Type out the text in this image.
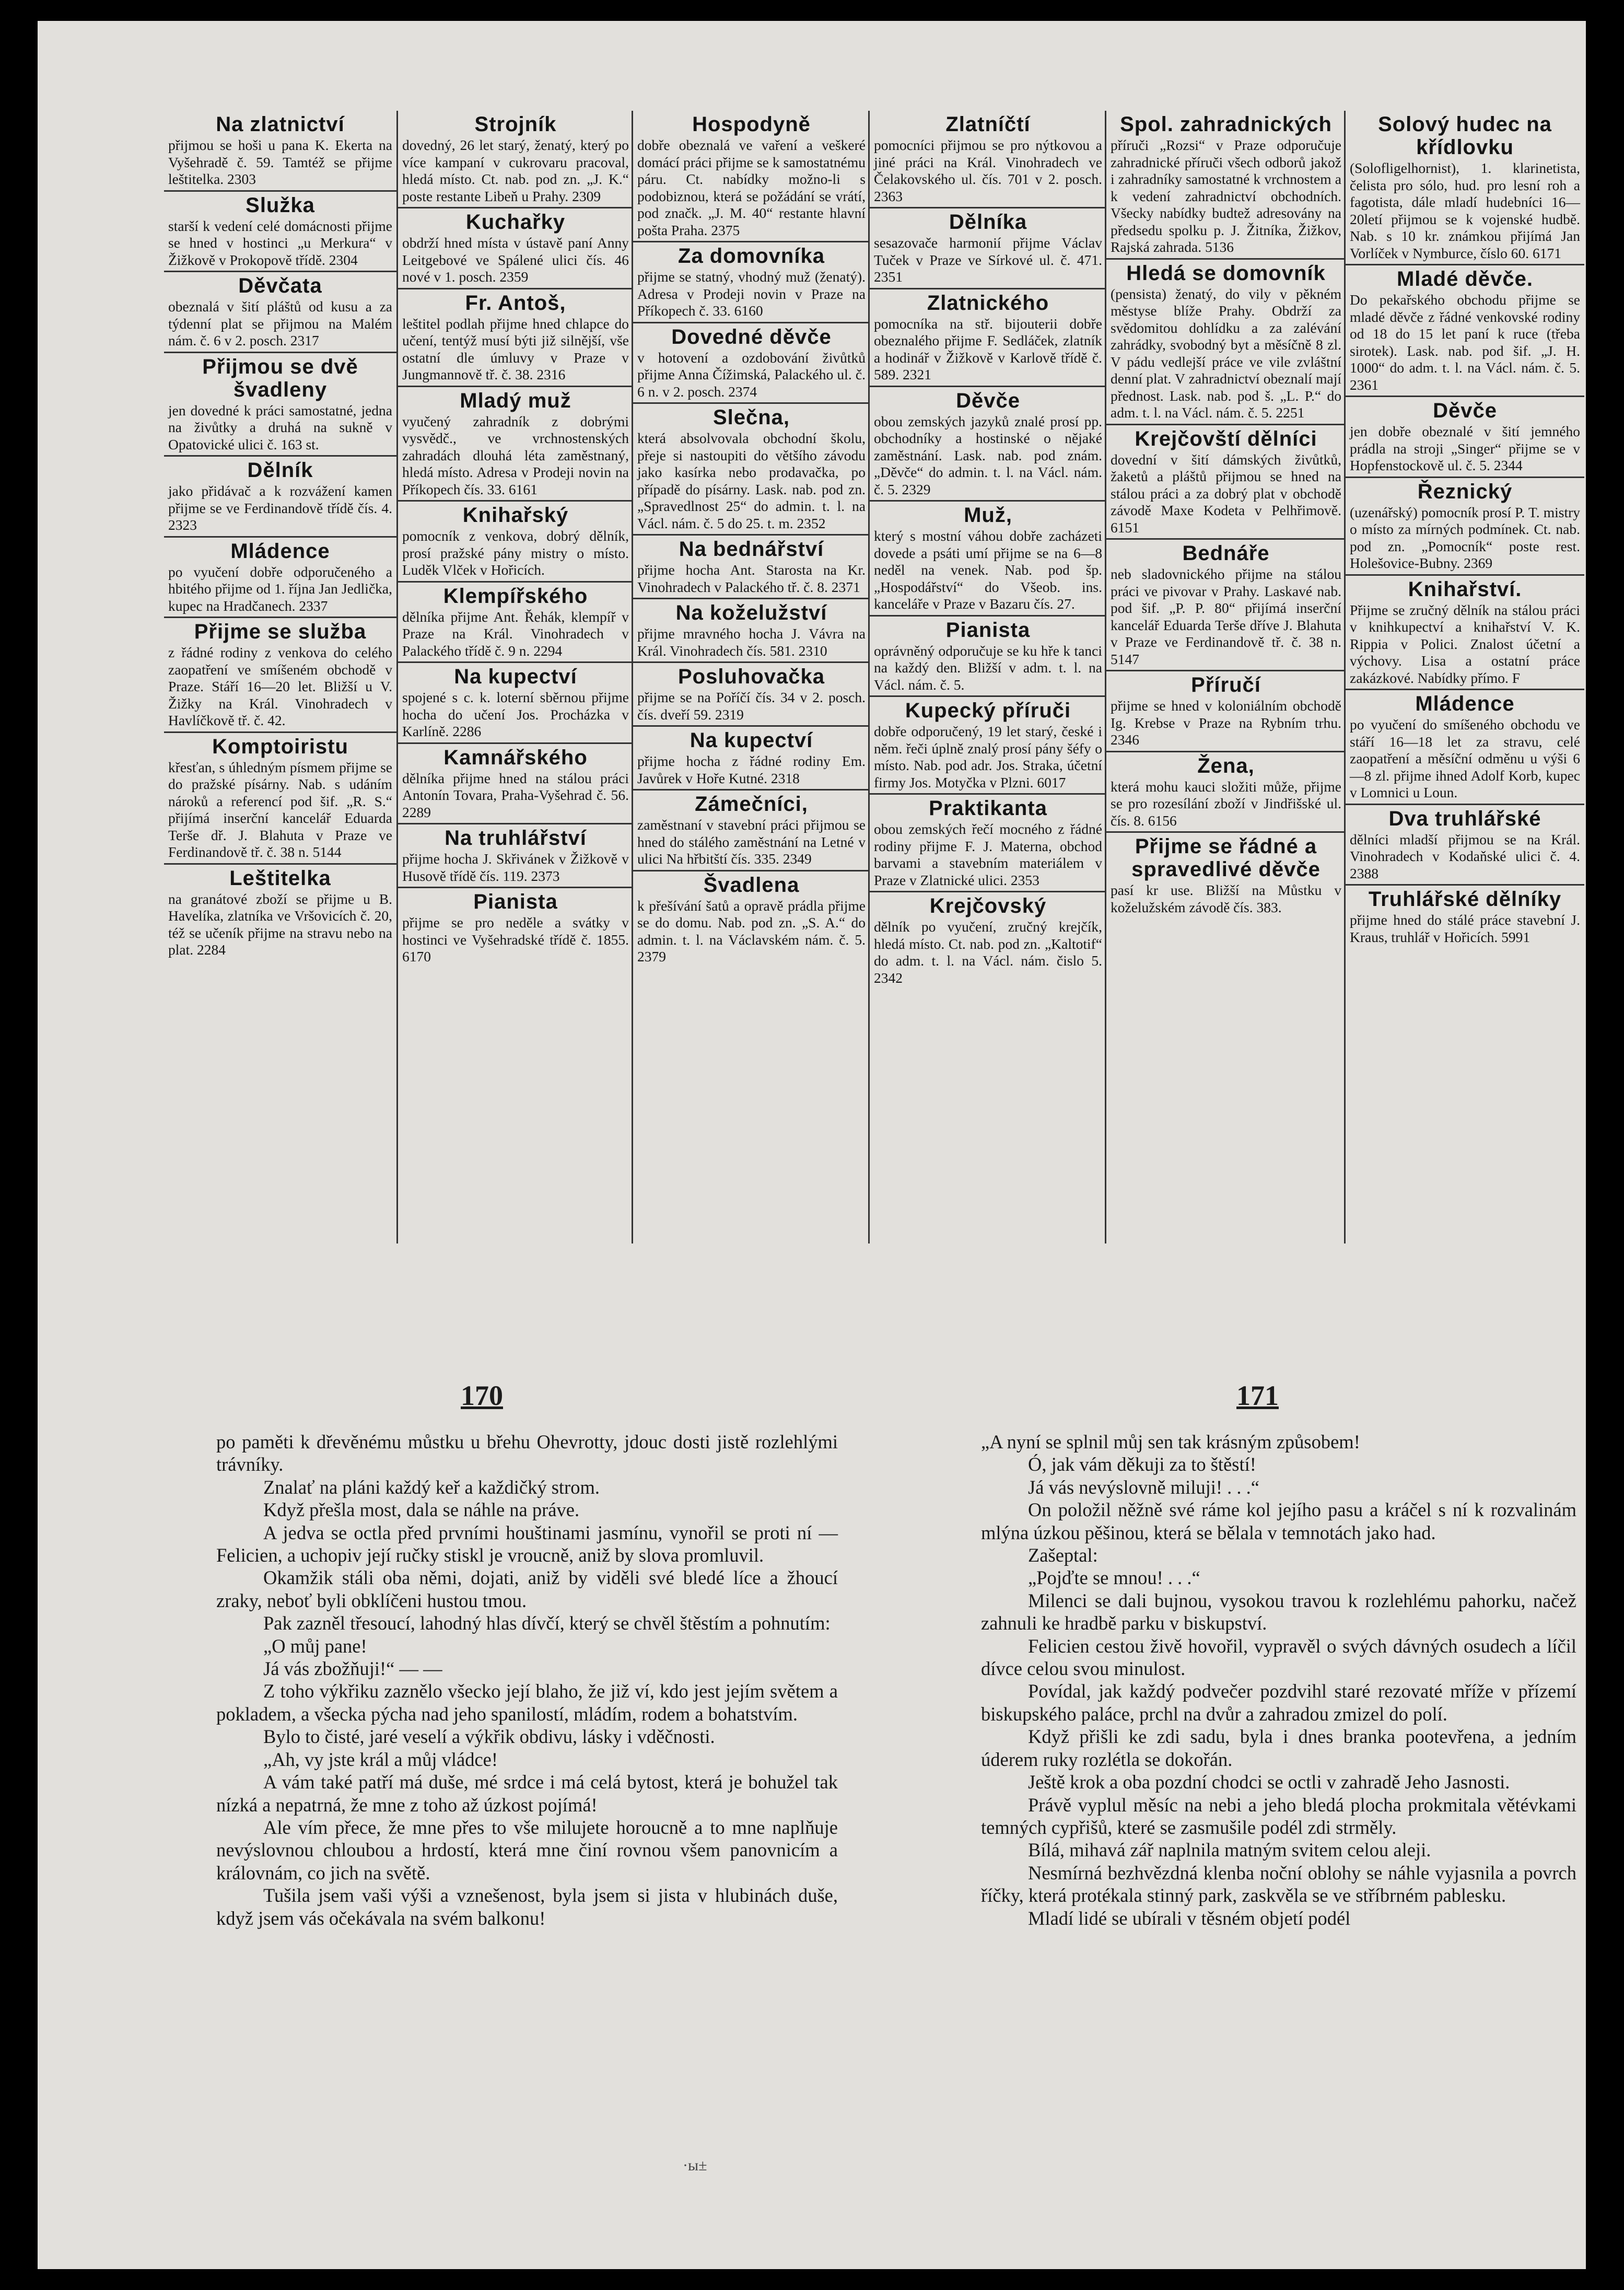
Na zlatnictví

přijmou se hoši u pana K. Ekerta na Vyšehradě č. 59. Tamtéž se přijme leštitelka. 2303

Služka

starší k vedení celé domácnosti přijme se hned v hostinci „u Merkura“ v Žižkově v Prokopově třídě. 2304

Děvčata

obeznalá v šití pláštů od kusu a za týdenní plat se přijmou na Malém nám. č. 6 v 2. posch. 2317

Přijmou se dvě švadleny

jen dovedné k práci samostatné, jedna na živůtky a druhá na sukně v Opatovické ulici č. 163 st.

Dělník

jako přidávač a k rozvážení kamen přijme se ve Ferdinandově třídě čís. 4. 2323

Mládence

po vyučení dobře odporučeného a hbitého přijme od 1. října Jan Jedlička, kupec na Hradčanech. 2337

Přijme se služba

z řádné rodiny z venkova do celého zaopatření ve smíšeném obchodě v Praze. Stáří 16—20 let. Bližší u V. Žižky na Král. Vinohradech v Havlíčkově tř. č. 42.

Komptoiristu

křesťan, s úhledným písmem přijme se do pražské písárny. Nab. s udáním nároků a referencí pod šif. „R. S.“ přijímá inserční kancelář Eduarda Terše dř. J. Blahuta v Praze ve Ferdinandově tř. č. 38 n. 5144

Leštitelka

na granátové zboží se přijme u B. Havelíka, zlatníka ve Vršovicích č. 20, též se učeník přijme na stravu nebo na plat. 2284

Strojník

dovedný, 26 let starý, ženatý, který po více kampaní v cukrovaru pracoval, hledá místo. Ct. nab. pod zn. „J. K.“ poste restante Libeň u Prahy. 2309

Kuchařky

obdrží hned místa v ústavě paní Anny Leitgebové ve Spálené ulici čís. 46 nové v 1. posch. 2359

Fr. Antoš,

leštitel podlah přijme hned chlapce do učení, tentýž musí býti již silnější, vše ostatní dle úmluvy v Praze v Jungmannově tř. č. 38. 2316

Mladý muž

vyučený zahradník z dobrými vysvědč., ve vrchnostenských zahradách dlouhá léta zaměstnaný, hledá místo. Adresa v Prodeji novin na Příkopech čís. 33. 6161

Knihařský

pomocník z venkova, dobrý dělník, prosí pražské pány mistry o místo. Luděk Vlček v Hořicích.

Klempířského

dělníka přijme Ant. Řehák, klempíř v Praze na Král. Vinohradech v Palackého třídě č. 9 n. 2294

Na kupectví

spojené s c. k. loterní sběrnou přijme hocha do učení Jos. Procházka v Karlíně. 2286

Kamnářského

dělníka přijme hned na stálou práci Antonín Tovara, Praha-Vyšehrad č. 56. 2289

Na truhlářství

přijme hocha J. Skřivánek v Žižkově v Husově třídě čís. 119. 2373

Pianista

přijme se pro neděle a svátky v hostinci ve Vyšehradské třídě č. 1855. 6170

Hospodyně

dobře obeznalá ve vaření a veškeré domácí práci přijme se k samostatnému páru. Ct. nabídky možno-li s podobiznou, která se požádání se vrátí, pod značk. „J. M. 40“ restante hlavní pošta Praha. 2375

Za domovníka

přijme se statný, vhodný muž (ženatý). Adresa v Prodeji novin v Praze na Příkopech č. 33. 6160

Dovedné děvče

v hotovení a ozdobování živůtků přijme Anna Čížimská, Palackého ul. č. 6 n. v 2. posch. 2374

Slečna,

která absolvovala obchodní školu, přeje si nastoupiti do většího závodu jako kasírka nebo prodavačka, po případě do písárny. Lask. nab. pod zn. „Spravedlnost 25“ do admin. t. l. na Václ. nám. č. 5 do 25. t. m. 2352

Na bednářství

přijme hocha Ant. Starosta na Kr. Vinohradech v Palackého tř. č. 8. 2371

Na koželužství

přijme mravného hocha J. Vávra na Král. Vinohradech čís. 581. 2310

Posluhovačka

přijme se na Poříčí čís. 34 v 2. posch. čís. dveří 59. 2319

Na kupectví

přijme hocha z řádné rodiny Em. Javůrek v Hoře Kutné. 2318

Zámečníci,

zaměstnaní v stavební práci přijmou se hned do stálého zaměstnání na Letné v ulici Na hřbitští čís. 335. 2349

Švadlena

k přešívání šatů a opravě prádla přijme se do domu. Nab. pod zn. „S. A.“ do admin. t. l. na Václavském nám. č. 5. 2379

Zlatníčtí

pomocníci přijmou se pro nýtkovou a jiné práci na Král. Vinohradech ve Čelakovského ul. čís. 701 v 2. posch. 2363

Dělníka

sesazovače harmonií přijme Václav Tuček v Praze ve Sírkové ul. č. 471. 2351

Zlatnického

pomocníka na stř. bijouterii dobře obeznalého přijme F. Sedláček, zlatník a hodinář v Žižkově v Karlově třídě č. 589. 2321

Děvče

obou zemských jazyků znalé prosí pp. obchodníky a hostinské o nějaké zaměstnání. Lask. nab. pod znám. „Děvče“ do admin. t. l. na Václ. nám. č. 5. 2329

Muž,

který s mostní váhou dobře zacházeti dovede a psáti umí přijme se na 6—8 neděl na venek. Nab. pod šp. „Hospodářství“ do Všeob. ins. kanceláře v Praze v Bazaru čís. 27.

Pianista

oprávněný odporučuje se ku hře k tanci na každý den. Bližší v adm. t. l. na Václ. nám. č. 5.

Kupecký příruči

dobře odporučený, 19 let starý, české i něm. řeči úplně znalý prosí pány šéfy o místo. Nab. pod adr. Jos. Straka, účetní firmy Jos. Motyčka v Plzni. 6017

Praktikanta

obou zemských řečí mocného z řádné rodiny přijme F. J. Materna, obchod barvami a stavebním materiálem v Praze v Zlatnické ulici. 2353

Krejčovský

dělník po vyučení, zručný krejčík, hledá místo. Ct. nab. pod zn. „Kaltotif“ do adm. t. l. na Václ. nám. čislo 5. 2342

Spol. zahradnických

příruči „Rozsi“ v Praze odporučuje zahradnické příruči všech odborů jakož i zahradníky samostatné k vrchnostem a k vedení zahradnictví obchodních. Všecky nabídky budtež adresovány na předsedu spolku p. J. Žitníka, Žižkov, Rajská zahrada. 5136

Hledá se domovník

(pensista) ženatý, do vily v pěkném městyse blíže Prahy. Obdrží za svědomitou dohlídku a za zalévání zahrádky, svobodný byt a měsíčně 8 zl. V pádu vedlejší práce ve vile zvláštní denní plat. V zahradnictví obeznalí mají přednost. Lask. nab. pod š. „L. P.“ do adm. t. l. na Václ. nám. č. 5. 2251

Krejčovští dělníci

dovední v šití dámských živůtků, žaketů a pláštů přijmou se hned na stálou práci a za dobrý plat v obchodě závodě Maxe Kodeta v Pelhřimově. 6151

Bednáře

neb sladovnického přijme na stálou práci ve pivovar v Prahy. Laskavé nab. pod šif. „P. P. 80“ přijímá inserční kancelář Eduarda Terše dříve J. Blahuta v Praze ve Ferdinandově tř. č. 38 n. 5147

Příručí

přijme se hned v koloniálním obchodě Ig. Krebse v Praze na Rybním trhu. 2346

Žena,

která mohu kauci složiti může, přijme se pro rozesílání zboží v Jindřišské ul. čís. 8. 6156

Přijme se řádné a spravedlivé děvče

pasí kr use. Bližší na Můstku v koželužském závodě čís. 383.

Solový hudec na křídlovku

(Solofligelhornist), 1. klarinetista, čelista pro sólo, hud. pro lesní roh a fagotista, dále mladí hudebníci 16—20letí přijmou se k vojenské hudbě. Nab. s 10 kr. známkou přijímá Jan Vorlíček v Nymburce, číslo 60. 6171

Mladé děvče.

Do pekařského obchodu přijme se mladé děvče z řádné venkovské rodiny od 18 do 15 let paní k ruce (třeba sirotek). Lask. nab. pod šif. „J. H. 1000“ do adm. t. l. na Václ. nám. č. 5. 2361

Děvče

jen dobře obeznalé v šití jemného prádla na stroji „Singer“ přijme se v Hopfenstockově ul. č. 5. 2344

Řeznický

(uzenářský) pomocník prosí P. T. mistry o místo za mírných podmínek. Ct. nab. pod zn. „Pomocník“ poste rest. Holešovice-Bubny. 2369

Knihařství.

Přijme se zručný dělník na stálou práci v knihkupectví a knihařství V. K. Rippia v Polici. Znalost účetní a výchovy. Lisa a ostatní práce zakázkové. Nabídky přímo. F

Mládence

po vyučení do smíšeného obchodu ve stáří 16—18 let za stravu, celé zaopatření a měsíční odměnu u výši 6—8 zl. přijme ihned Adolf Korb, kupec v Lomnici u Loun.

Dva truhlářské

dělníci mladší přijmou se na Král. Vinohradech v Kodaňské ulici č. 4. 2388

Truhlářské dělníky

přijme hned do stálé práce stavební J. Kraus, truhlář v Hořicích. 5991

170	171

po paměti k dřevěnému můstku u břehu Ohevrotty, jdouc dosti jistě rozlehlými trávníky.

Znalať na pláni každý keř a každičký strom.

Když přešla most, dala se náhle na práve.

A jedva se octla před prvními houštinami jasmínu, vynořil se proti ní — Felicien, a uchopiv její ručky stiskl je vroucně, aniž by slova promluvil.

Okamžik stáli oba němi, dojati, aniž by viděli své bledé líce a žhoucí zraky, neboť byli obklíčeni hustou tmou.

Pak zazněl třesoucí, lahodný hlas dívčí, který se chvěl štěstím a pohnutím:

„O můj pane!

Já vás zbožňuji!“ — —

Z toho výkřiku zaznělo všecko její blaho, že již ví, kdo jest jejím světem a pokladem, a všecka pýcha nad jeho spanilostí, mládím, rodem a bohatstvím.

Bylo to čisté, jaré veselí a výkřik obdivu, lásky i vděčnosti.

„Ah, vy jste král a můj vládce!

A vám také patří má duše, mé srdce i má celá bytost, která je bohužel tak nízká a nepatrná, že mne z toho až úzkost pojímá!

Ale vím přece, že mne přes to vše milujete horoucně a to mne naplňuje nevýslovnou chloubou a hrdostí, která mne činí rovnou všem panovnicím a královnám, co jich na světě.

Tušila jsem vaši výši a vznešenost, byla jsem si jista v hlubinách duše, když jsem vás očekávala na svém balkonu!

„A nyní se splnil můj sen tak krásným způsobem!

Ó, jak vám děkuji za to štěstí!

Já vás nevýslovně miluji! . . .“

On položil něžně své ráme kol jejího pasu a kráčel s ní k rozvalinám mlýna úzkou pěšinou, která se bělala v temnotách jako had.

Zašeptal:

„Pojďte se mnou! . . .“

Milenci se dali bujnou, vysokou travou k rozlehlému pahorku, načež zahnuli ke hradbě parku v biskupství.

Felicien cestou živě hovořil, vypravěl o svých dávných osudech a líčil dívce celou svou minulost.

Povídal, jak každý podvečer pozdvihl staré rezovaté mříže v přízemí biskupského paláce, prchl na dvůr a zahradou zmizel do polí.

Když přišli ke zdi sadu, byla i dnes branka pootevřena, a jedním úderem ruky rozlétla se dokořán.

Ještě krok a oba pozdní chodci se octli v zahradě Jeho Jasnosti.

Právě vyplul měsíc na nebi a jeho bledá plocha prokmitala větévkami temných cypřišů, které se zasmušile podél zdi strměly.

Bílá, mihavá zář naplnila matným svitem celou aleji.

Nesmírná bezhvězdná klenba noční oblohy se náhle vyjasnila a povrch říčky, která protékala stinný park, zaskvěla se ve stříbrném pablesku.

Mladí lidé se ubírali v těsném objetí podél

·ы±
